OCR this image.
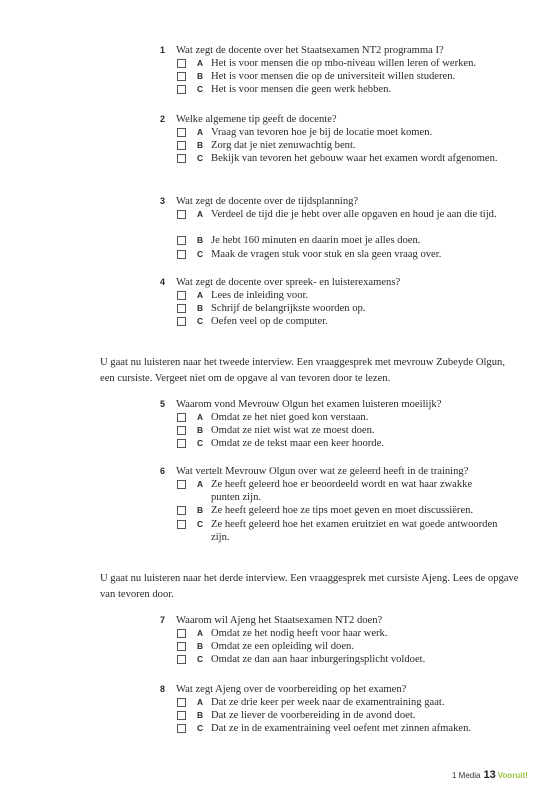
1 Wat zegt de docente over het Staatsexamen NT2 programma I?
A Het is voor mensen die op mbo-niveau willen leren of werken.
B Het is voor mensen die op de universiteit willen studeren.
C Het is voor mensen die geen werk hebben.
2 Welke algemene tip geeft de docente?
A Vraag van tevoren hoe je bij de locatie moet komen.
B Zorg dat je niet zenuwachtig bent.
C Bekijk van tevoren het gebouw waar het examen wordt afgenomen.
3 Wat zegt de docente over de tijdsplanning?
A Verdeel de tijd die je hebt over alle opgaven en houd je aan die tijd.
B Je hebt 160 minuten en daarin moet je alles doen.
C Maak de vragen stuk voor stuk en sla geen vraag over.
4 Wat zegt de docente over spreek- en luisterexamens?
A Lees de inleiding voor.
B Schrijf de belangrijkste woorden op.
C Oefen veel op de computer.
U gaat nu luisteren naar het tweede interview. Een vraaggesprek met mevrouw Zubeyde Olgun, een cursiste. Vergeet niet om de opgave al van tevoren door te lezen.
5 Waarom vond Mevrouw Olgun het examen luisteren moeilijk?
A Omdat ze het niet goed kon verstaan.
B Omdat ze niet wist wat ze moest doen.
C Omdat ze de tekst maar een keer hoorde.
6 Wat vertelt Mevrouw Olgun over wat ze geleerd heeft in de training?
A Ze heeft geleerd hoe er beoordeeld wordt en wat haar zwakke punten zijn.
B Ze heeft geleerd hoe ze tips moet geven en moet discussiëren.
C Ze heeft geleerd hoe het examen eruitziet en wat goede antwoorden zijn.
U gaat nu luisteren naar het derde interview. Een vraaggesprek met cursiste Ajeng. Lees de opgave van tevoren door.
7 Waarom wil Ajeng het Staatsexamen NT2 doen?
A Omdat ze het nodig heeft voor haar werk.
B Omdat ze een opleiding wil doen.
C Omdat ze dan aan haar inburgeringsplicht voldoet.
8 Wat zegt Ajeng over de voorbereiding op het examen?
A Dat ze drie keer per week naar de examentraining gaat.
B Dat ze liever de voorbereiding in de avond doet.
C Dat ze in de examentraining veel oefent met zinnen afmaken.
1 Media 13 Vooruit!
